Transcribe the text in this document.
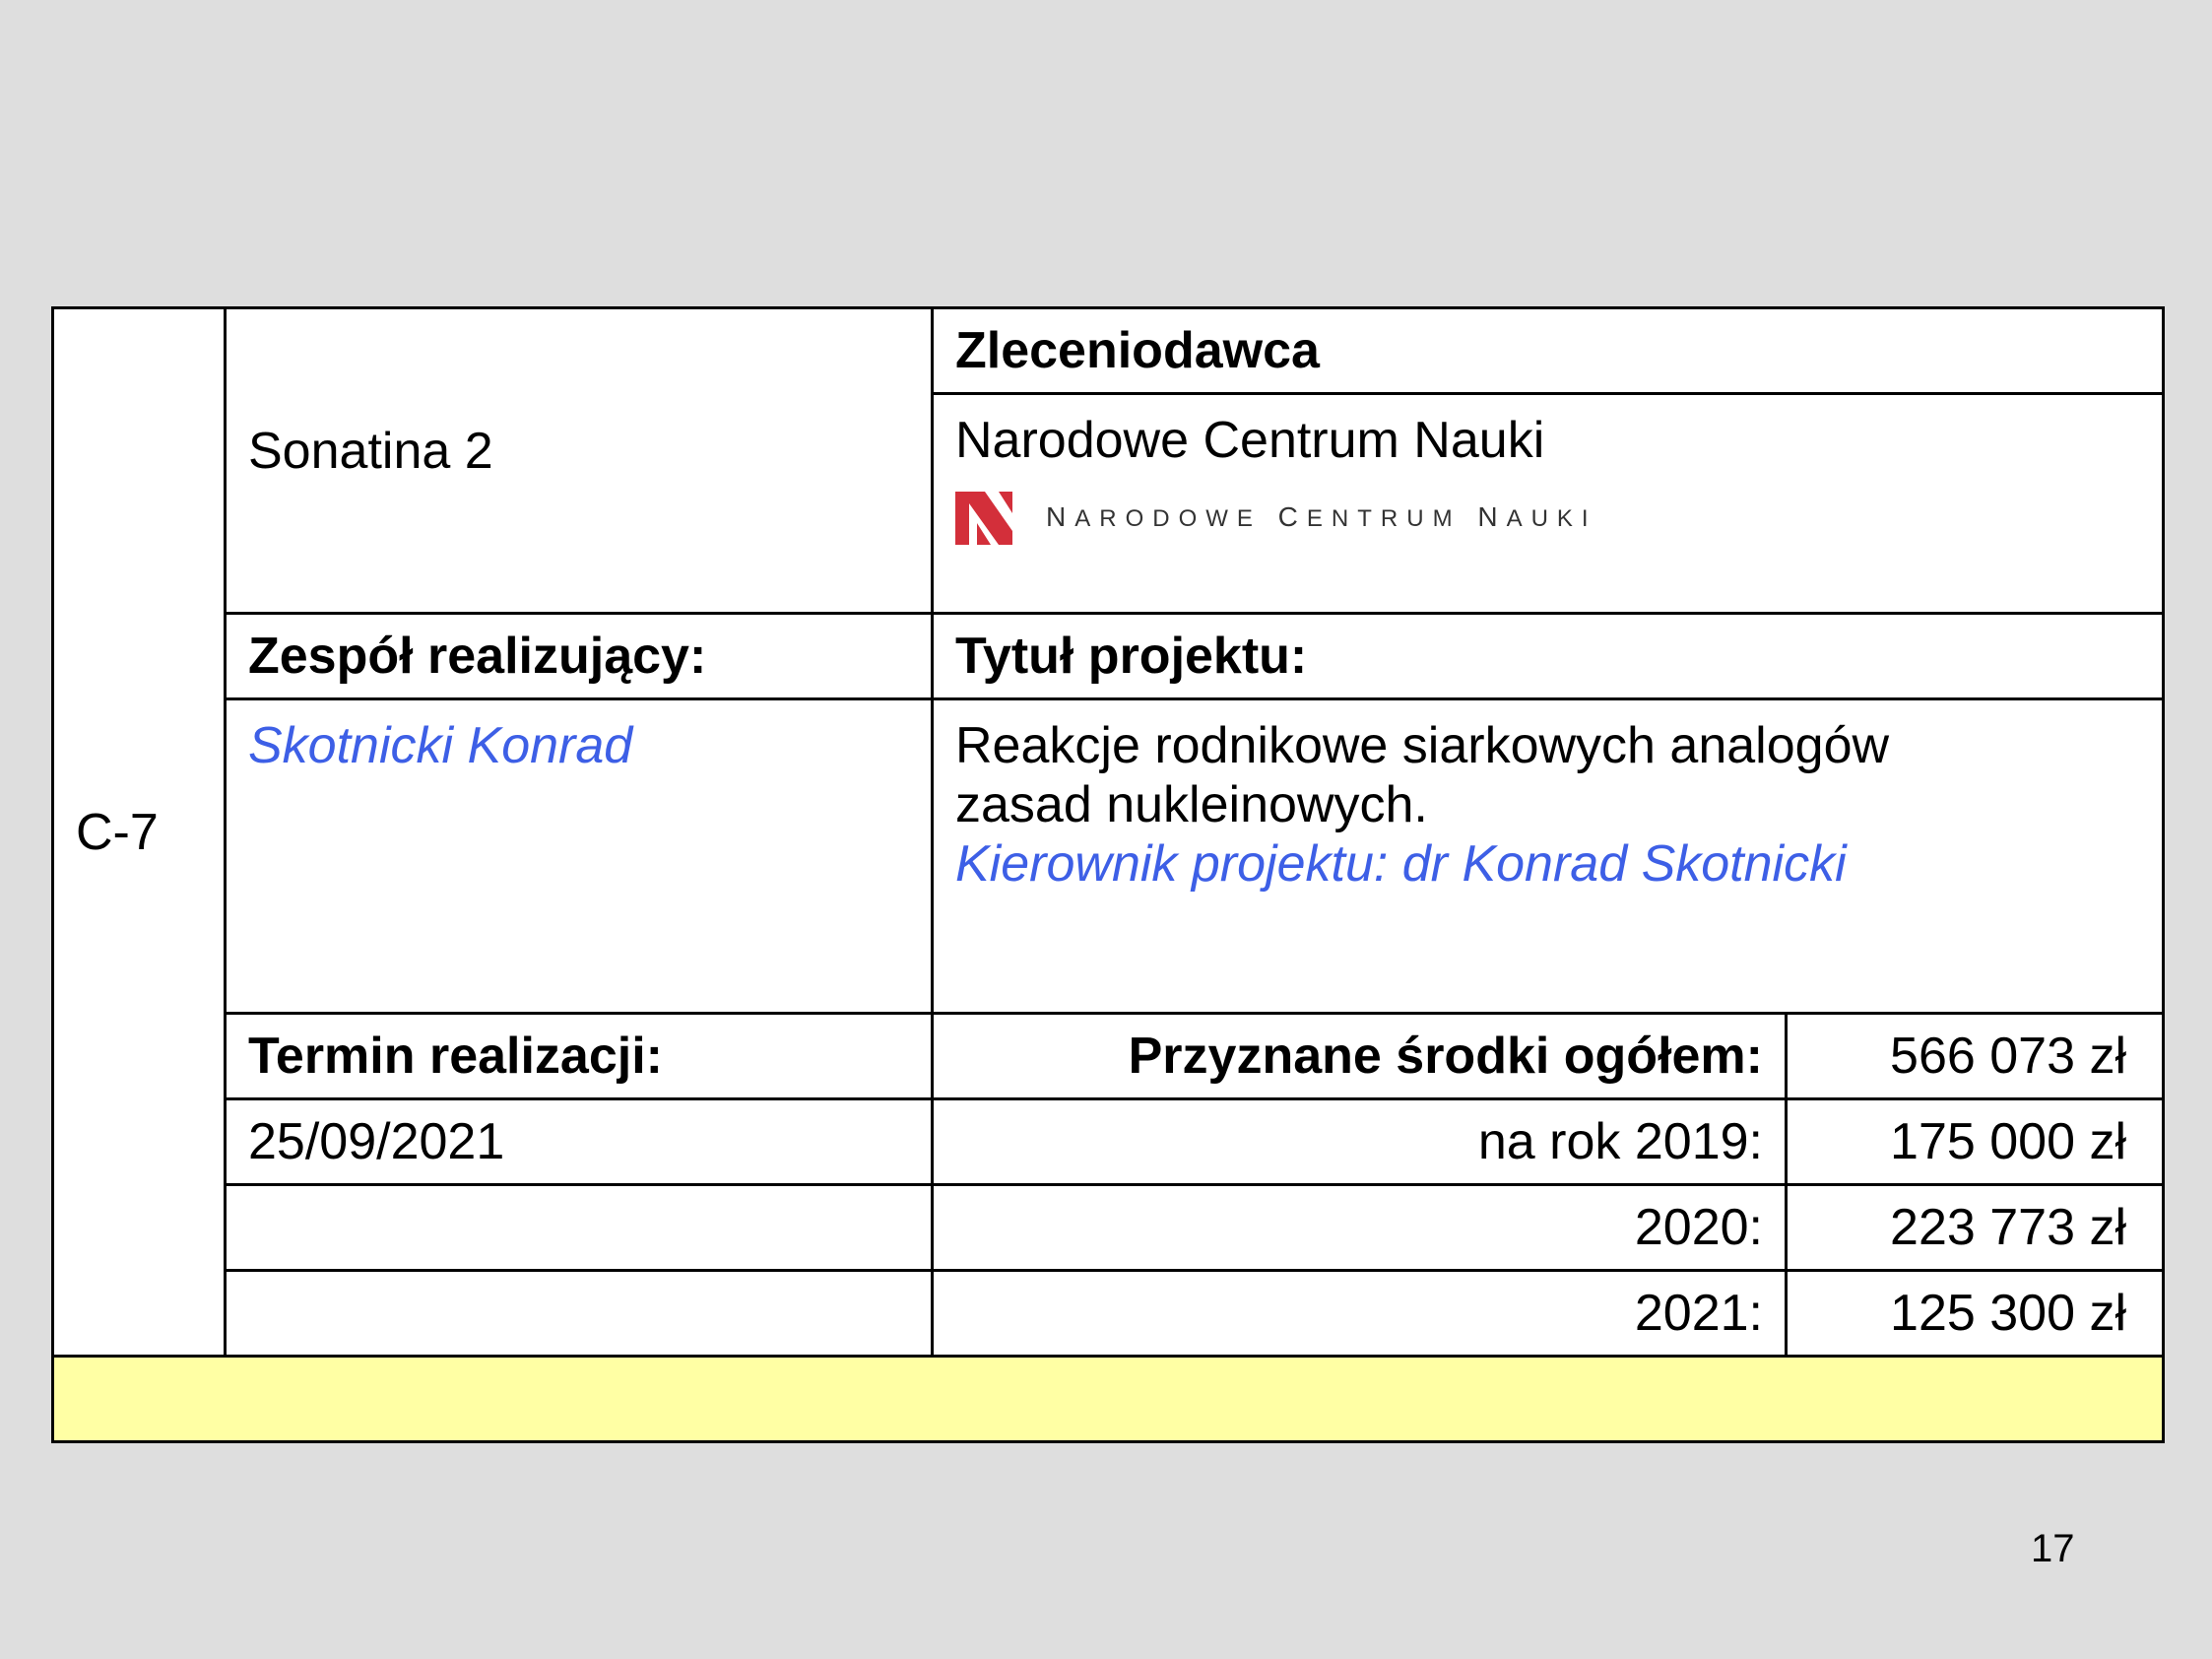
C-7	Sonatina 2	Zleceniodawca	

		Narodowe Centrum Nauki
NARODOWE CENTRUM NAUKI	

	Zespół realizujący:	Tytuł projektu:	
	Skotnicki Konrad	Reakcje rodnikowe siarkowych analogów
zasad nukleinowych.
Kierownik projektu: dr Konrad Skotnicki	

	Termin realizacji:	Przyznane środki ogółem:	566 073 zł
	25/09/2021	na rok 2019:	175 000 zł
		2020:	223 773 zł
		2021:	125 300 zł

17
